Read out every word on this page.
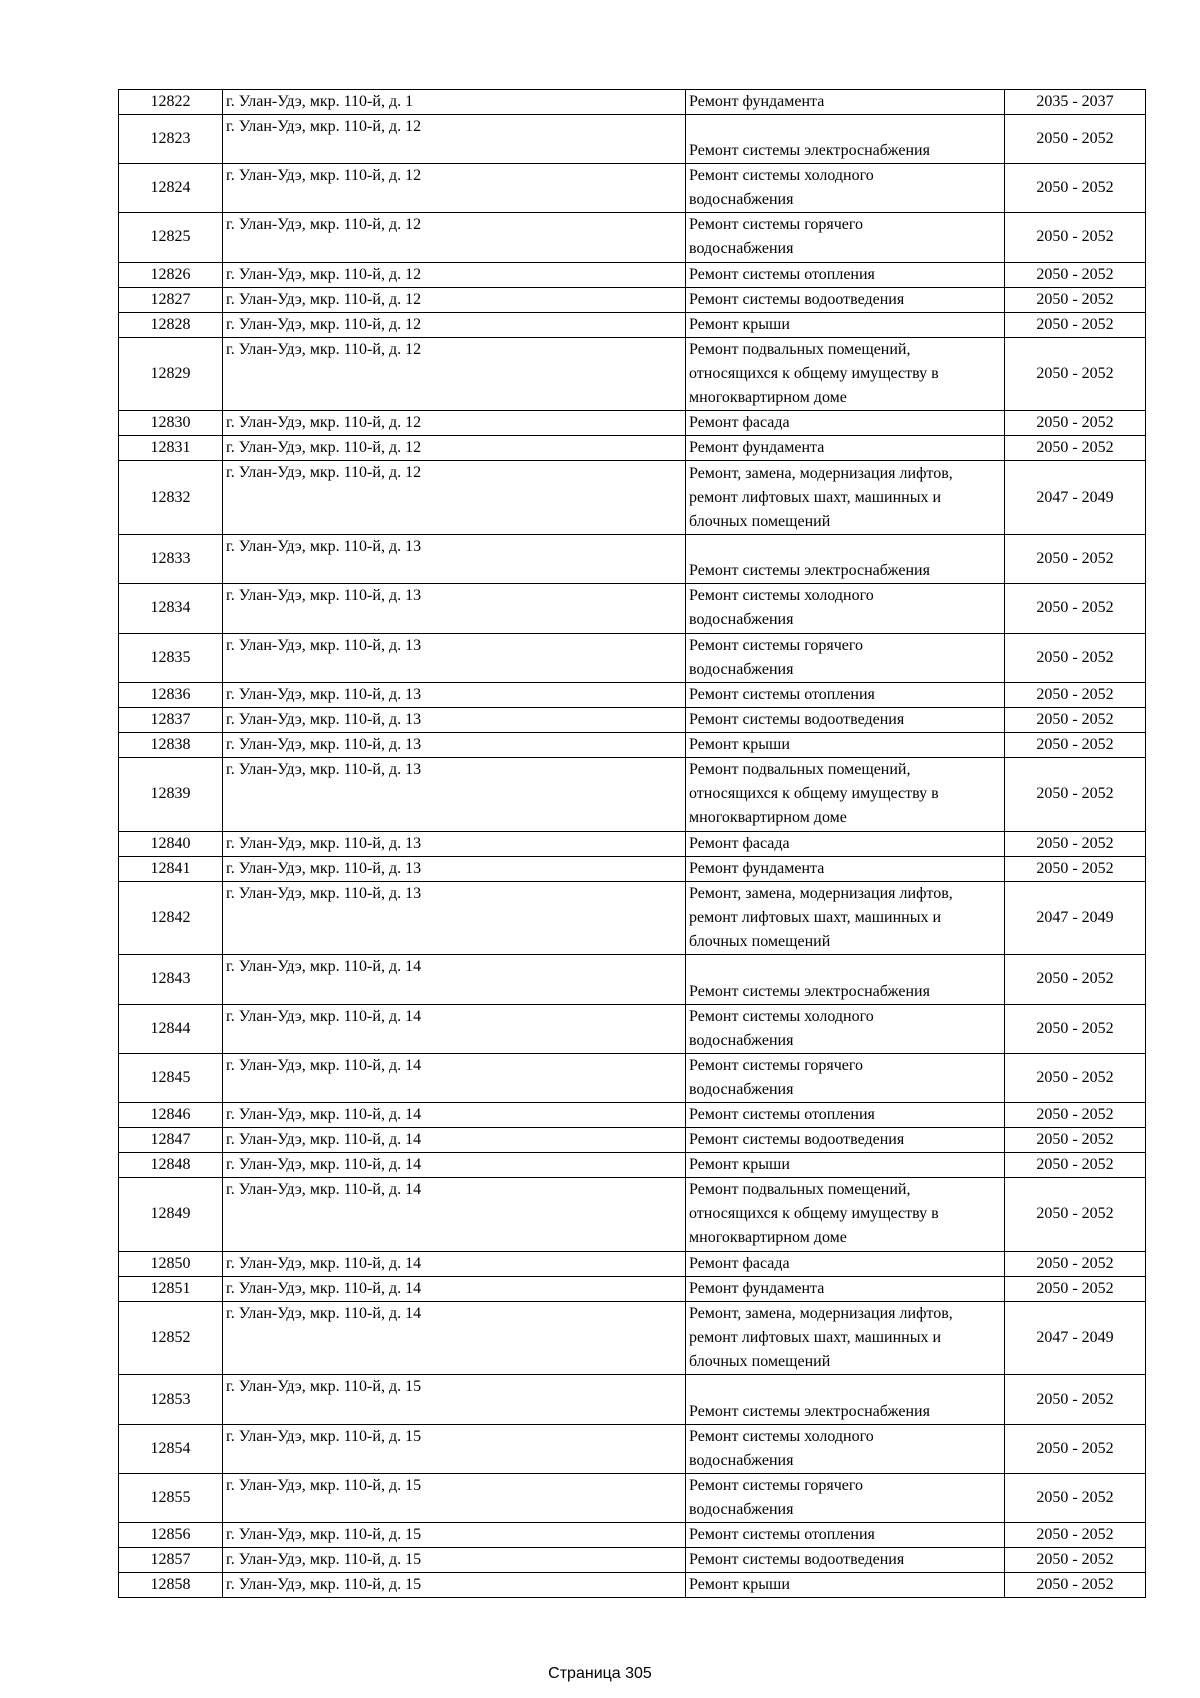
12822	г. Улан-Удэ, мкр. 110-й, д. 1	Ремонт фундамента	2035 - 2037
12823	г. Улан-Удэ, мкр. 110-й, д. 12	Ремонт системы электроснабжения	2050 - 2052
12824	г. Улан-Удэ, мкр. 110-й, д. 12	Ремонт системы холодного
водоснабжения	2050 - 2052
12825	г. Улан-Удэ, мкр. 110-й, д. 12	Ремонт системы горячего
водоснабжения	2050 - 2052
12826	г. Улан-Удэ, мкр. 110-й, д. 12	Ремонт системы отопления	2050 - 2052
12827	г. Улан-Удэ, мкр. 110-й, д. 12	Ремонт системы водоотведения	2050 - 2052
12828	г. Улан-Удэ, мкр. 110-й, д. 12	Ремонт крыши	2050 - 2052
12829	г. Улан-Удэ, мкр. 110-й, д. 12	Ремонт подвальных помещений,
относящихся к общему имуществу в
многоквартирном доме	2050 - 2052
12830	г. Улан-Удэ, мкр. 110-й, д. 12	Ремонт фасада	2050 - 2052
12831	г. Улан-Удэ, мкр. 110-й, д. 12	Ремонт фундамента	2050 - 2052
12832	г. Улан-Удэ, мкр. 110-й, д. 12	Ремонт, замена, модернизация лифтов,
ремонт лифтовых шахт, машинных и
блочных помещений	2047 - 2049
12833	г. Улан-Удэ, мкр. 110-й, д. 13	Ремонт системы электроснабжения	2050 - 2052
12834	г. Улан-Удэ, мкр. 110-й, д. 13	Ремонт системы холодного
водоснабжения	2050 - 2052
12835	г. Улан-Удэ, мкр. 110-й, д. 13	Ремонт системы горячего
водоснабжения	2050 - 2052
12836	г. Улан-Удэ, мкр. 110-й, д. 13	Ремонт системы отопления	2050 - 2052
12837	г. Улан-Удэ, мкр. 110-й, д. 13	Ремонт системы водоотведения	2050 - 2052
12838	г. Улан-Удэ, мкр. 110-й, д. 13	Ремонт крыши	2050 - 2052
12839	г. Улан-Удэ, мкр. 110-й, д. 13	Ремонт подвальных помещений,
относящихся к общему имуществу в
многоквартирном доме	2050 - 2052
12840	г. Улан-Удэ, мкр. 110-й, д. 13	Ремонт фасада	2050 - 2052
12841	г. Улан-Удэ, мкр. 110-й, д. 13	Ремонт фундамента	2050 - 2052
12842	г. Улан-Удэ, мкр. 110-й, д. 13	Ремонт, замена, модернизация лифтов,
ремонт лифтовых шахт, машинных и
блочных помещений	2047 - 2049
12843	г. Улан-Удэ, мкр. 110-й, д. 14	Ремонт системы электроснабжения	2050 - 2052
12844	г. Улан-Удэ, мкр. 110-й, д. 14	Ремонт системы холодного
водоснабжения	2050 - 2052
12845	г. Улан-Удэ, мкр. 110-й, д. 14	Ремонт системы горячего
водоснабжения	2050 - 2052
12846	г. Улан-Удэ, мкр. 110-й, д. 14	Ремонт системы отопления	2050 - 2052
12847	г. Улан-Удэ, мкр. 110-й, д. 14	Ремонт системы водоотведения	2050 - 2052
12848	г. Улан-Удэ, мкр. 110-й, д. 14	Ремонт крыши	2050 - 2052
12849	г. Улан-Удэ, мкр. 110-й, д. 14	Ремонт подвальных помещений,
относящихся к общему имуществу в
многоквартирном доме	2050 - 2052
12850	г. Улан-Удэ, мкр. 110-й, д. 14	Ремонт фасада	2050 - 2052
12851	г. Улан-Удэ, мкр. 110-й, д. 14	Ремонт фундамента	2050 - 2052
12852	г. Улан-Удэ, мкр. 110-й, д. 14	Ремонт, замена, модернизация лифтов,
ремонт лифтовых шахт, машинных и
блочных помещений	2047 - 2049
12853	г. Улан-Удэ, мкр. 110-й, д. 15	Ремонт системы электроснабжения	2050 - 2052
12854	г. Улан-Удэ, мкр. 110-й, д. 15	Ремонт системы холодного
водоснабжения	2050 - 2052
12855	г. Улан-Удэ, мкр. 110-й, д. 15	Ремонт системы горячего
водоснабжения	2050 - 2052
12856	г. Улан-Удэ, мкр. 110-й, д. 15	Ремонт системы отопления	2050 - 2052
12857	г. Улан-Удэ, мкр. 110-й, д. 15	Ремонт системы водоотведения	2050 - 2052
12858	г. Улан-Удэ, мкр. 110-й, д. 15	Ремонт крыши	2050 - 2052
Страница 305
